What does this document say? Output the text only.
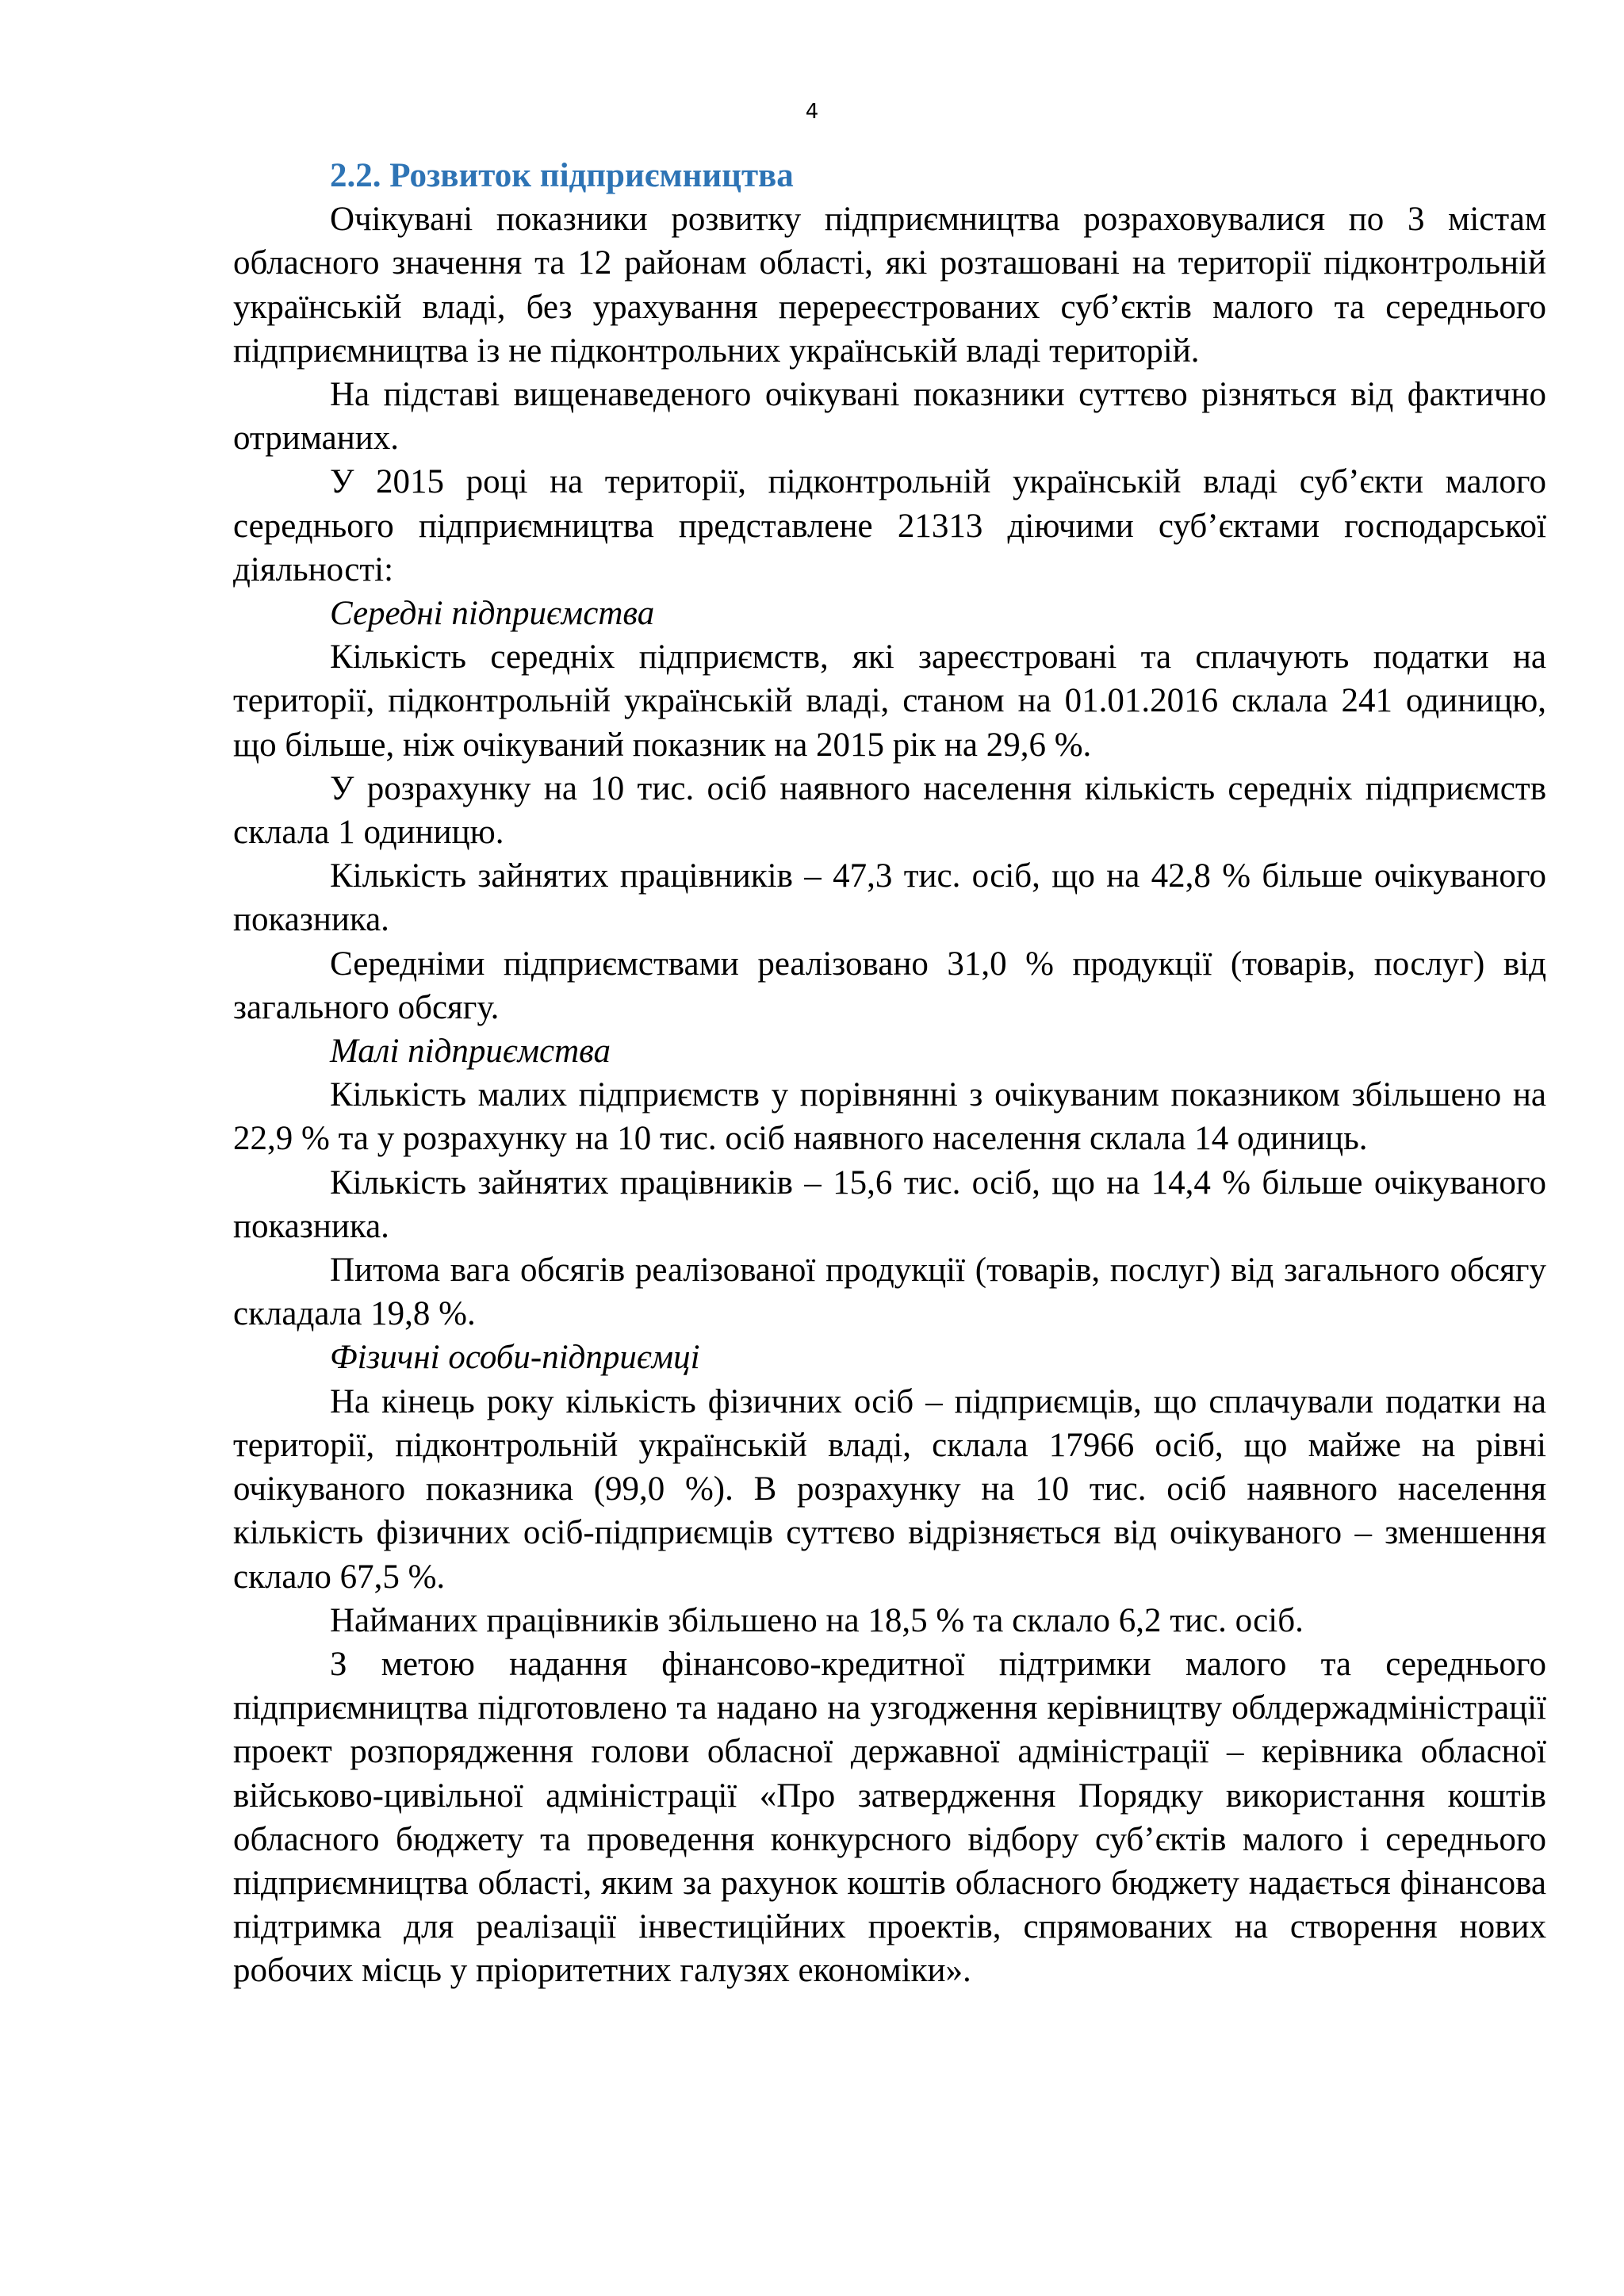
4

2.2. Розвиток підприємництва

Очікувані показники розвитку підприємництва розраховувалися по 3 містам обласного значення та 12 районам області, які розташовані на території підконтрольній українській владі, без урахування перереєстрованих суб’єктів малого та середнього підприємництва із не підконтрольних українській владі територій.

На підставі вищенаведеного очікувані показники суттєво різняться від фактично отриманих.

У 2015 році на території, підконтрольній українській владі суб’єкти малого середнього підприємництва представлене 21313 діючими суб’єктами господарської діяльності:

Середні підприємства

Кількість середніх підприємств, які зареєстровані та сплачують податки на території, підконтрольній українській владі, станом на 01.01.2016 склала 241 одиницю, що більше, ніж очікуваний показник на 2015 рік на 29,6 %.

У розрахунку на 10 тис. осіб наявного населення кількість середніх підприємств склала 1 одиницю.

Кількість зайнятих працівників – 47,3 тис. осіб, що на 42,8 % більше очікуваного показника.

Середніми підприємствами реалізовано 31,0 % продукції (товарів, послуг) від загального обсягу.

Малі підприємства

Кількість малих підприємств у порівнянні з очікуваним показником збільшено на 22,9 % та у розрахунку на 10 тис. осіб наявного населення склала 14 одиниць.

Кількість зайнятих працівників – 15,6 тис. осіб, що на 14,4 % більше очікуваного показника.

Питома вага обсягів реалізованої продукції (товарів, послуг) від загального обсягу складала 19,8 %.

Фізичні особи-підприємці

На кінець року кількість фізичних осіб – підприємців, що сплачували податки на території, підконтрольній українській владі, склала 17966 осіб, що майже на рівні очікуваного показника (99,0 %). В розрахунку на 10 тис. осіб наявного населення кількість фізичних осіб-підприємців суттєво відрізняється від очікуваного – зменшення склало 67,5 %.

Найманих працівників збільшено на 18,5 % та склало 6,2 тис. осіб.

З метою надання фінансово-кредитної підтримки малого та середнього підприємництва підготовлено та надано на узгодження керівництву облдержадміністрації проект розпорядження голови обласної державної адміністрації – керівника обласної військово-цивільної адміністрації «Про затвердження Порядку використання коштів обласного бюджету та проведення конкурсного відбору суб’єктів малого і середнього підприємництва області, яким за рахунок коштів обласного бюджету надається фінансова підтримка для реалізації інвестиційних проектів, спрямованих на створення нових робочих місць у пріоритетних галузях економіки».
